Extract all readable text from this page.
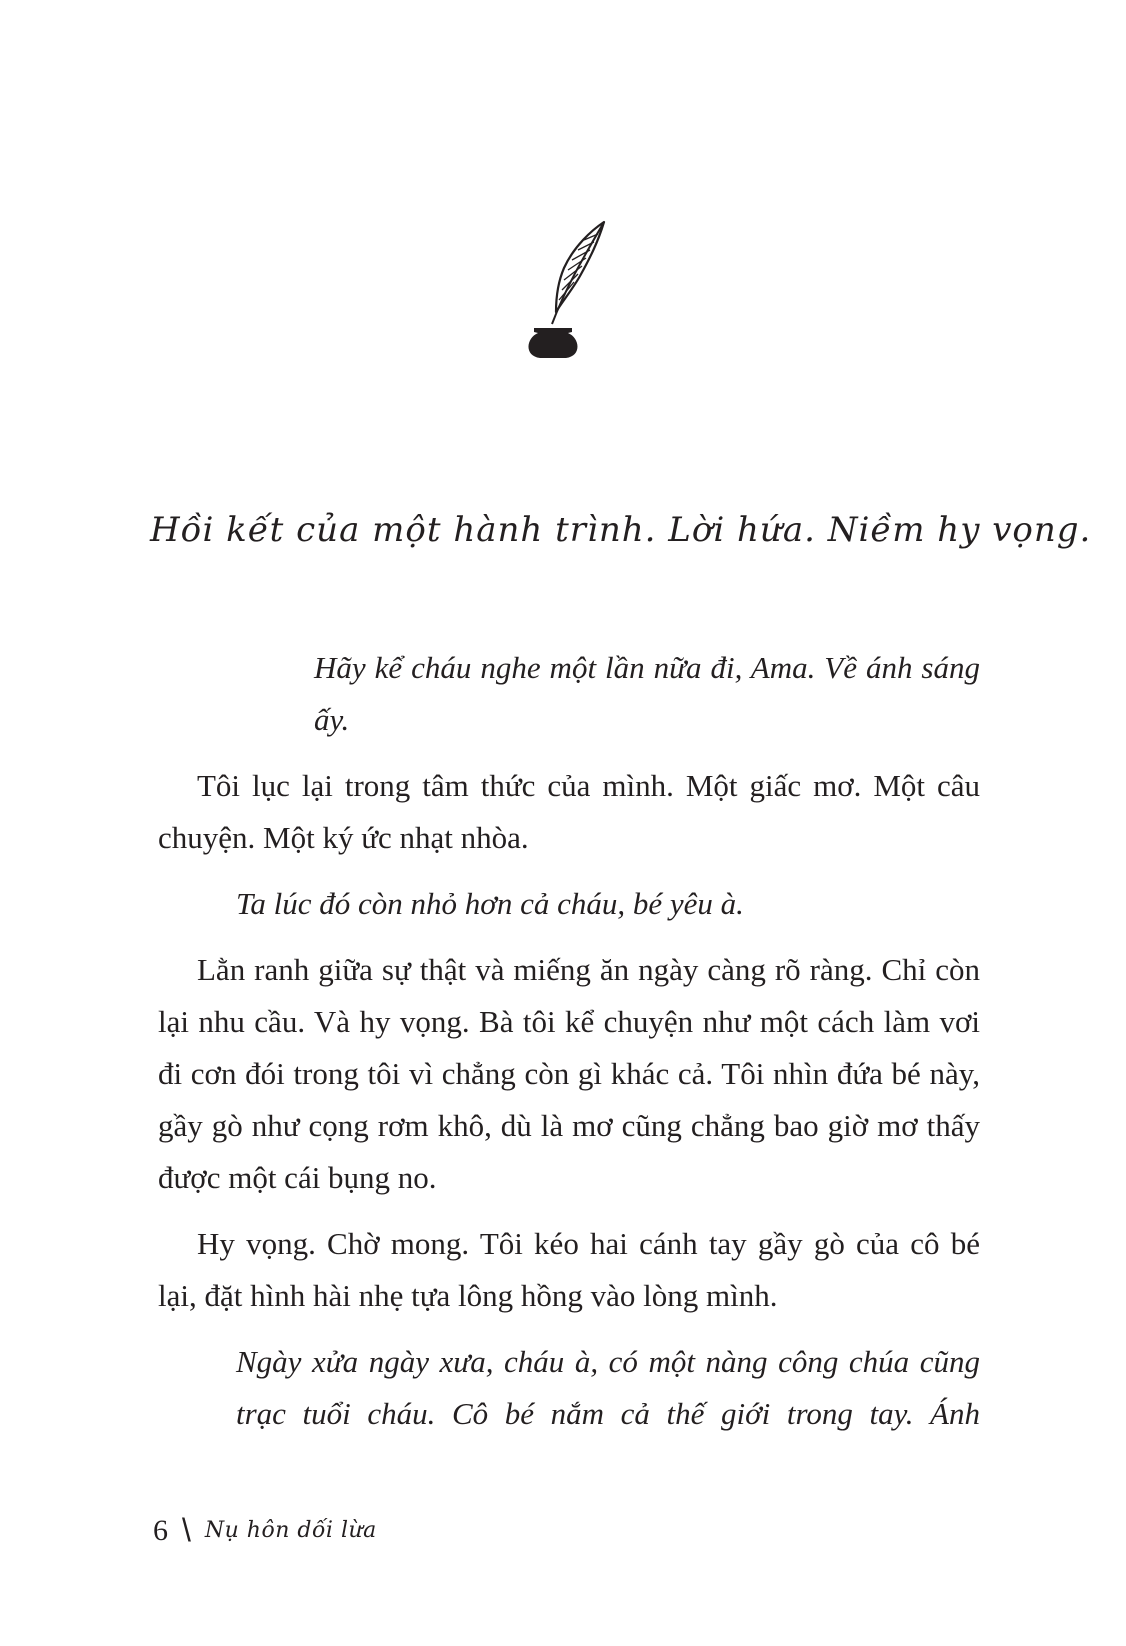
Hồi kết của một hành trình. Lời hứa. Niềm hy vọng.

Hãy kể cháu nghe một lần nữa đi, Ama. Về ánh sáng ấy.

Tôi lục lại trong tâm thức của mình. Một giấc mơ. Một câu chuyện. Một ký ức nhạt nhòa.

Ta lúc đó còn nhỏ hơn cả cháu, bé yêu à.

Lằn ranh giữa sự thật và miếng ăn ngày càng rõ ràng. Chỉ còn lại nhu cầu. Và hy vọng. Bà tôi kể chuyện như một cách làm vơi đi cơn đói trong tôi vì chẳng còn gì khác cả. Tôi nhìn đứa bé này, gầy gò như cọng rơm khô, dù là mơ cũng chẳng bao giờ mơ thấy được một cái bụng no.

Hy vọng. Chờ mong. Tôi kéo hai cánh tay gầy gò của cô bé lại, đặt hình hài nhẹ tựa lông hồng vào lòng mình.

Ngày xửa ngày xưa, cháu à, có một nàng công chúa cũng trạc tuổi cháu. Cô bé nắm cả thế giới trong tay. Ánh

6 \ Nụ hôn dối lừa
